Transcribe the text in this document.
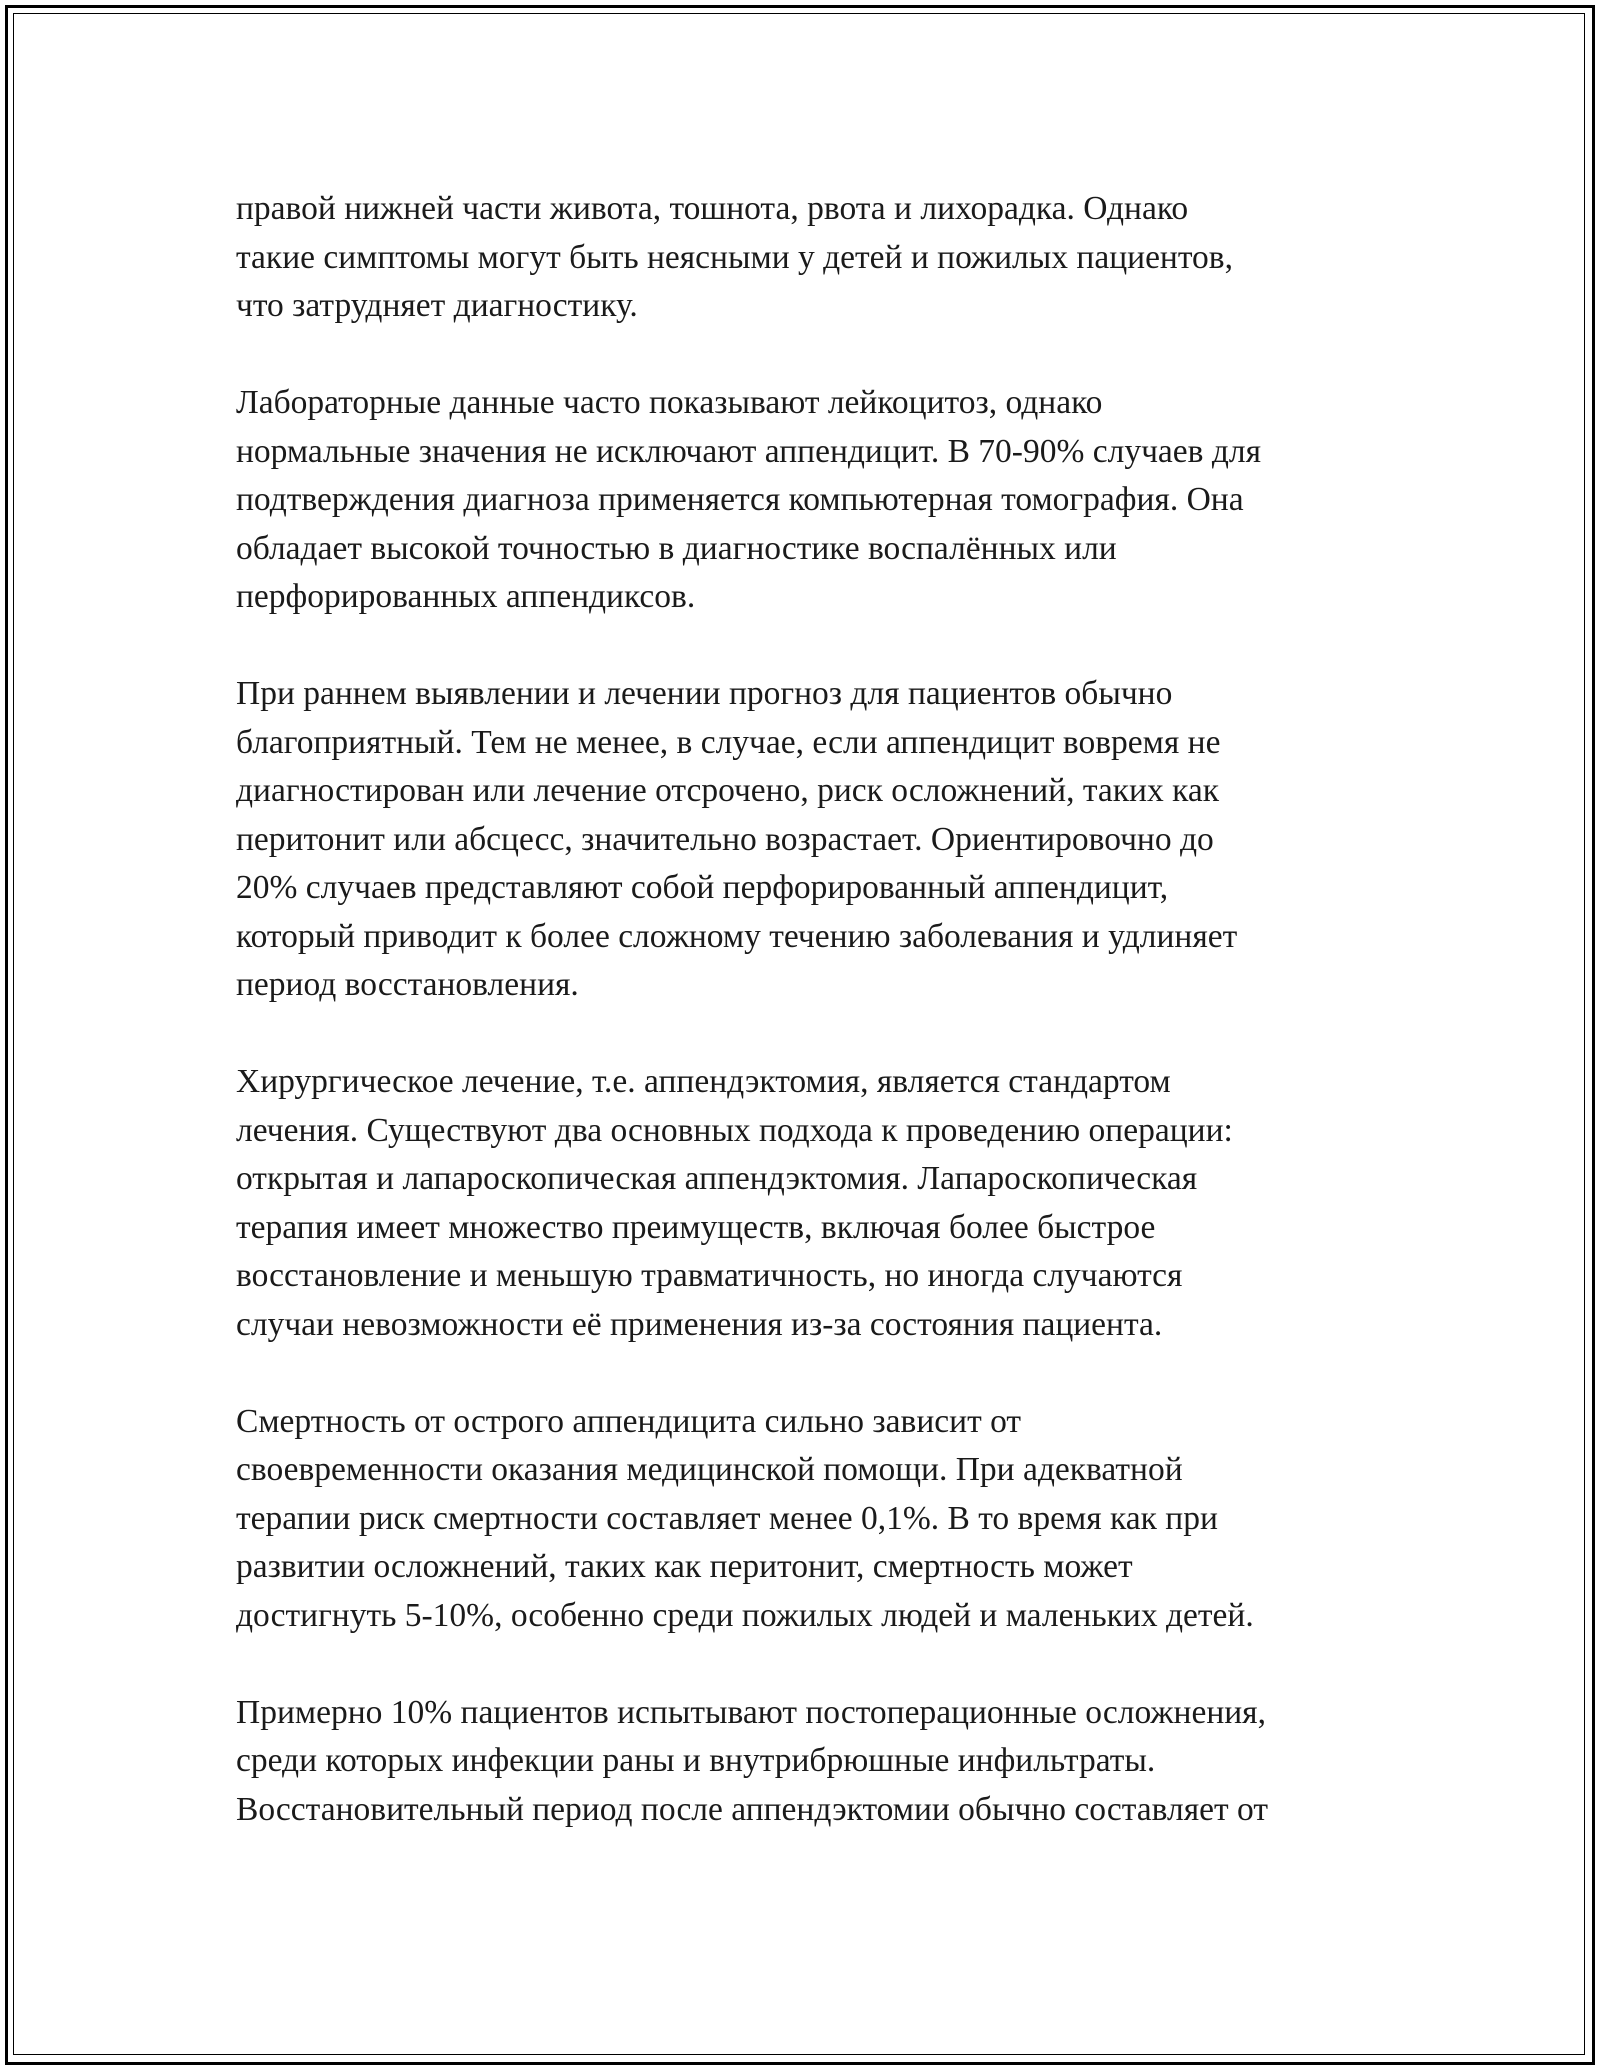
правой нижней части живота, тошнота, рвота и лихорадка. Однако
такие симптомы могут быть неясными у детей и пожилых пациентов,
что затрудняет диагностику.

Лабораторные данные часто показывают лейкоцитоз, однако
нормальные значения не исключают аппендицит. В 70-90% случаев для
подтверждения диагноза применяется компьютерная томография. Она
обладает высокой точностью в диагностике воспалённых или
перфорированных аппендиксов.

При раннем выявлении и лечении прогноз для пациентов обычно
благоприятный. Тем не менее, в случае, если аппендицит вовремя не
диагностирован или лечение отсрочено, риск осложнений, таких как
перитонит или абсцесс, значительно возрастает. Ориентировочно до
20% случаев представляют собой перфорированный аппендицит,
который приводит к более сложному течению заболевания и удлиняет
период восстановления.

Хирургическое лечение, т.е. аппендэктомия, является стандартом
лечения. Существуют два основных подхода к проведению операции:
открытая и лапароскопическая аппендэктомия. Лапароскопическая
терапия имеет множество преимуществ, включая более быстрое
восстановление и меньшую травматичность, но иногда случаются
случаи невозможности её применения из-за состояния пациента.

Смертность от острого аппендицита сильно зависит от
своевременности оказания медицинской помощи. При адекватной
терапии риск смертности составляет менее 0,1%. В то время как при
развитии осложнений, таких как перитонит, смертность может
достигнуть 5-10%, особенно среди пожилых людей и маленьких детей.

Примерно 10% пациентов испытывают постоперационные осложнения,
среди которых инфекции раны и внутрибрюшные инфильтраты.
Восстановительный период после аппендэктомии обычно составляет от
